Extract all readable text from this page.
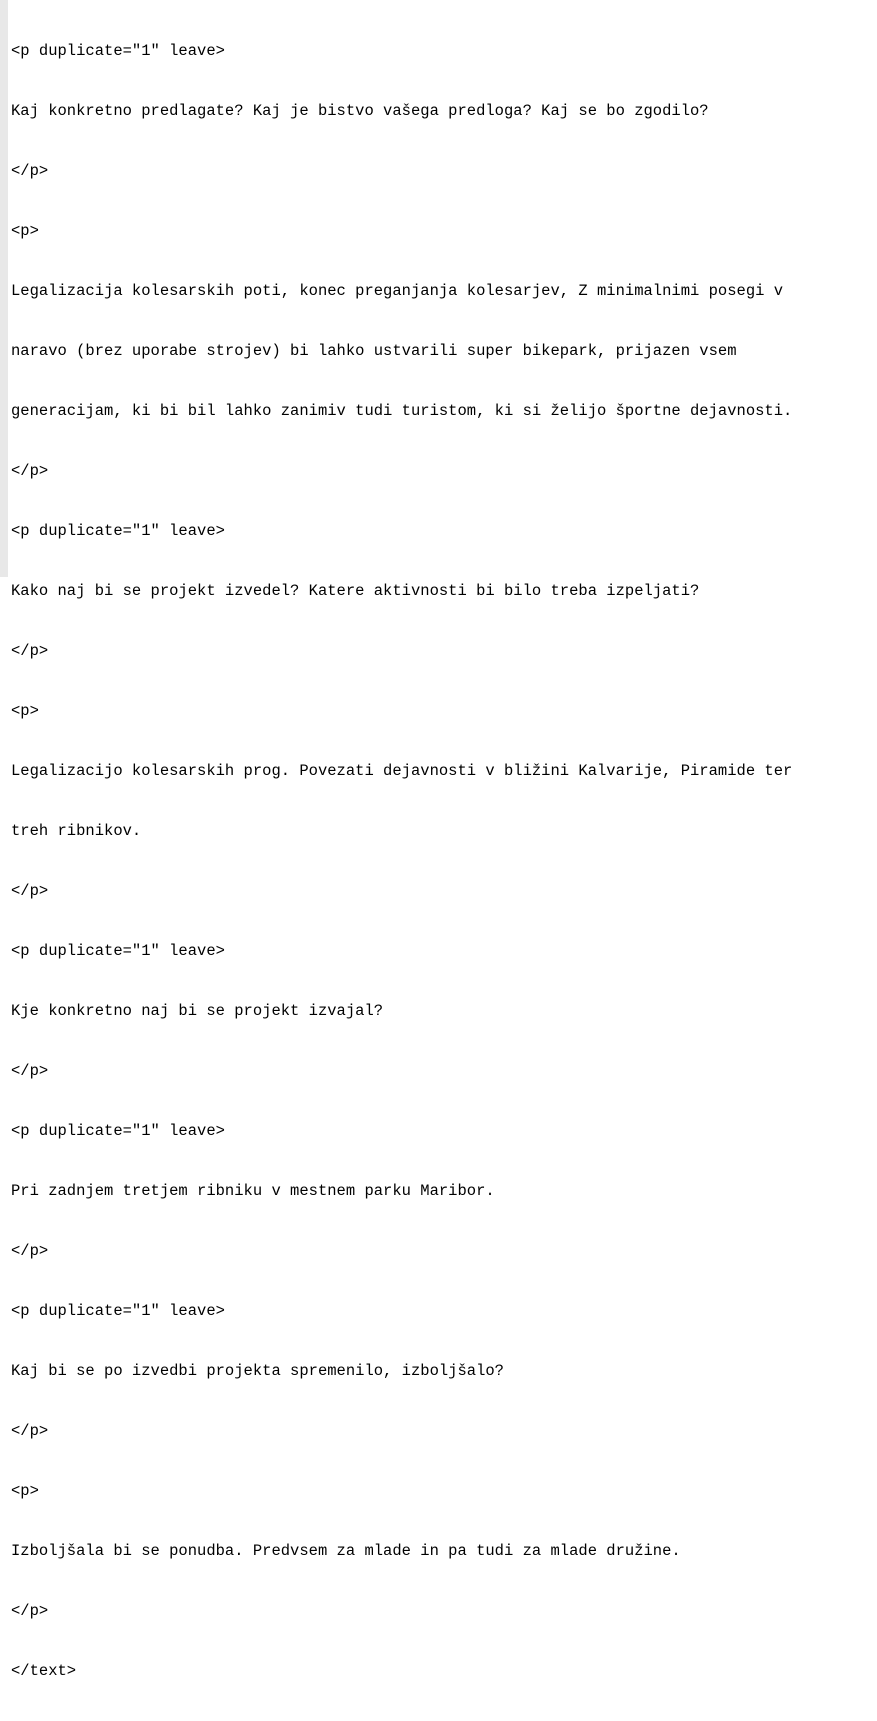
<p duplicate="1" leave>

Kaj konkretno predlagate? Kaj je bistvo vašega predloga? Kaj se bo zgodilo?

</p>

<p>

Legalizacija kolesarskih poti, konec preganjanja kolesarjev, Z minimalnimi posegi v

naravo (brez uporabe strojev) bi lahko ustvarili super bikepark, prijazen vsem

generacijam, ki bi bil lahko zanimiv tudi turistom, ki si želijo športne dejavnosti.

</p>

<p duplicate="1" leave>

Kako naj bi se projekt izvedel? Katere aktivnosti bi bilo treba izpeljati?

</p>

<p>

Legalizacijo kolesarskih prog. Povezati dejavnosti v bližini Kalvarije, Piramide ter

treh ribnikov.

</p>

<p duplicate="1" leave>

Kje konkretno naj bi se projekt izvajal?

</p>

<p duplicate="1" leave>

Pri zadnjem tretjem ribniku v mestnem parku Maribor.

</p>

<p duplicate="1" leave>

Kaj bi se po izvedbi projekta spremenilo, izboljšalo?

</p>

<p>

Izboljšala bi se ponudba. Predvsem za mlade in pa tudi za mlade družine.

</p>

</text>
